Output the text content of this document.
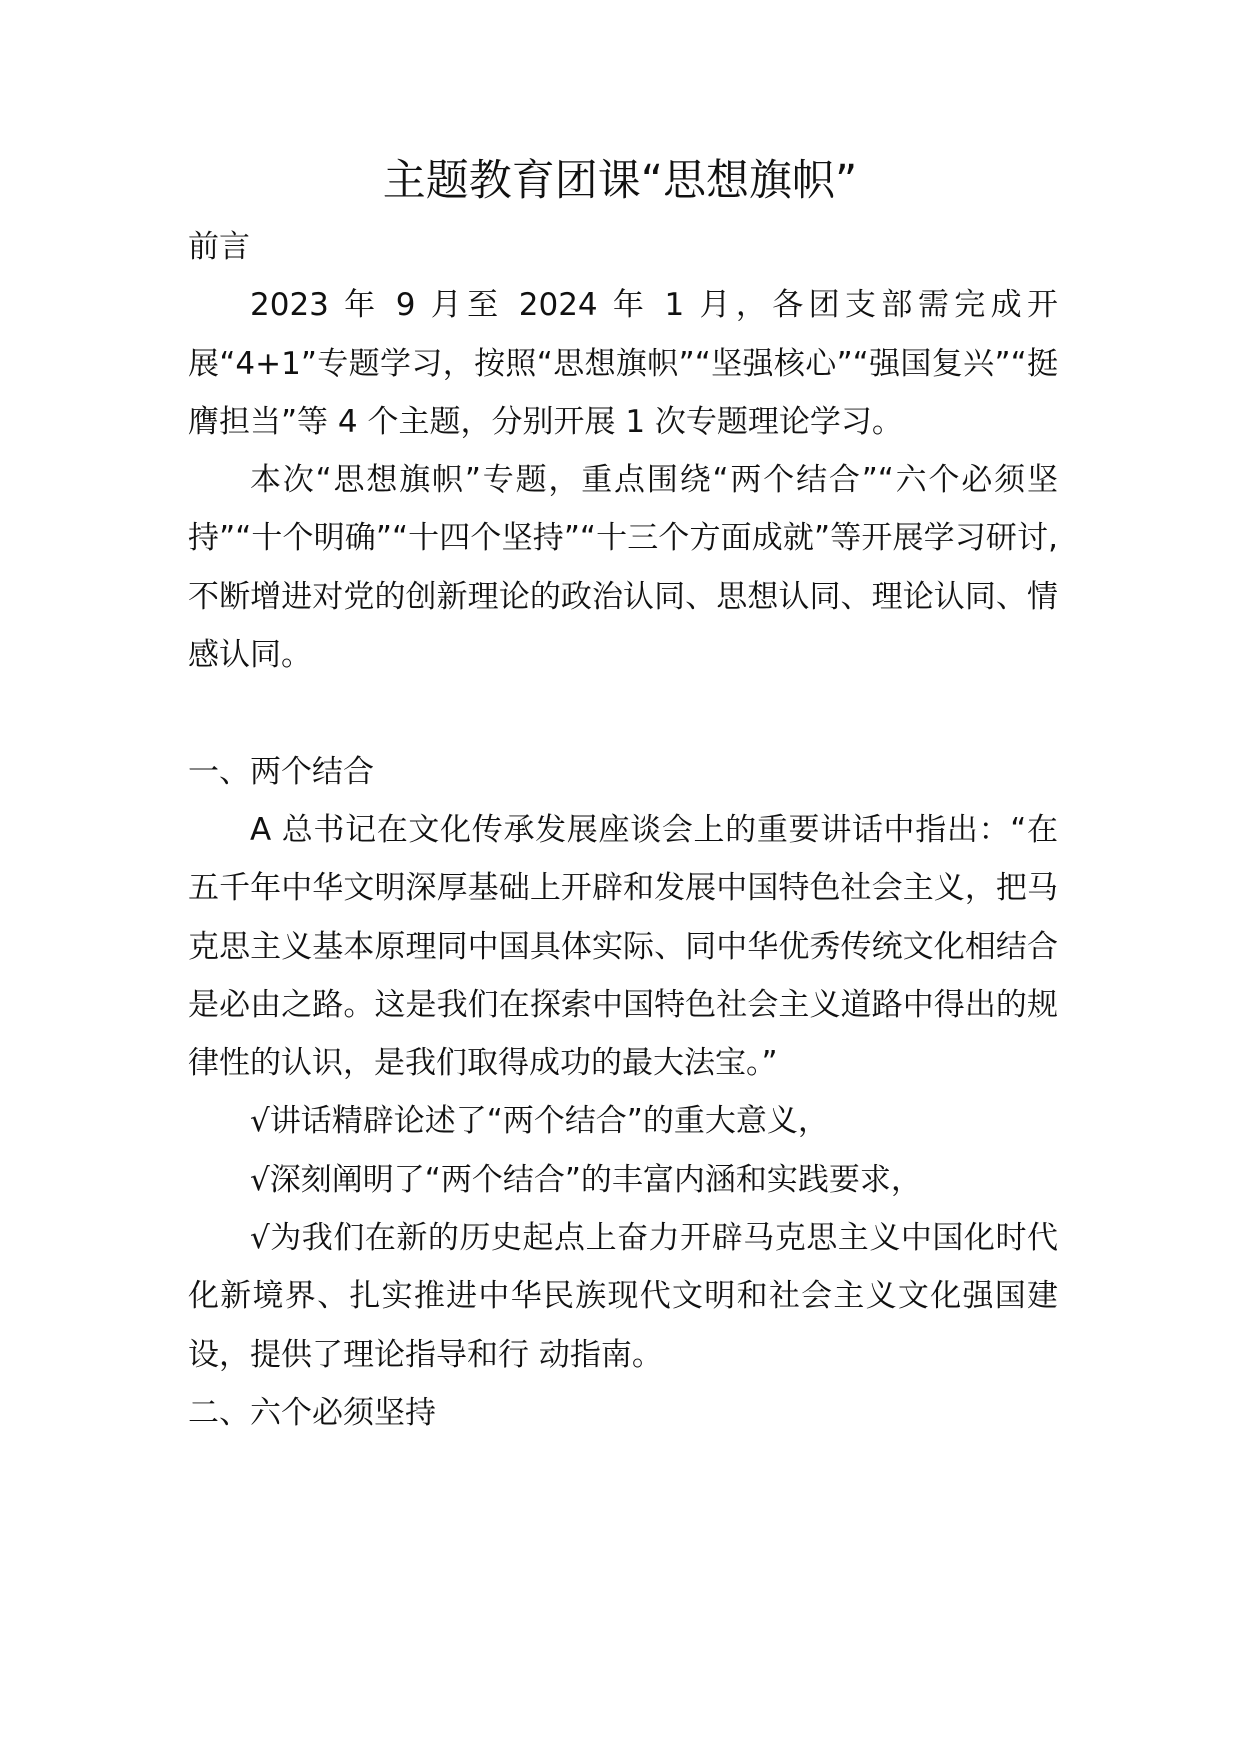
主题教育团课“思想旗帜”

前言

2023 年 9 月至 2024 年 1 月，各团支部需完成开展“4+1”专题学习，按照“思想旗帜”“坚强核心”“强国复兴”“挺膺担当”等 4 个主题，分别开展 1 次专题理论学习。

本次“思想旗帜”专题，重点围绕“两个结合”“六个必须坚持”“十个明确”“十四个坚持”“十三个方面成就”等开展学习研讨,不断增进对党的创新理论的政治认同、思想认同、理论认同、情感认同。

一、两个结合

A 总书记在文化传承发展座谈会上的重要讲话中指出：“在五千年中华文明深厚基础上开辟和发展中国特色社会主义，把马克思主义基本原理同中国具体实际、同中华优秀传统文化相结合是必由之路。这是我们在探索中国特色社会主义道路中得出的规律性的认识，是我们取得成功的最大法宝。”

√讲话精辟论述了“两个结合”的重大意义，

√深刻阐明了“两个结合”的丰富内涵和实践要求，

√为我们在新的历史起点上奋力开辟马克思主义中国化时代化新境界、扎实推进中华民族现代文明和社会主义文化强国建设，提供了理论指导和行 动指南。

二、六个必须坚持
